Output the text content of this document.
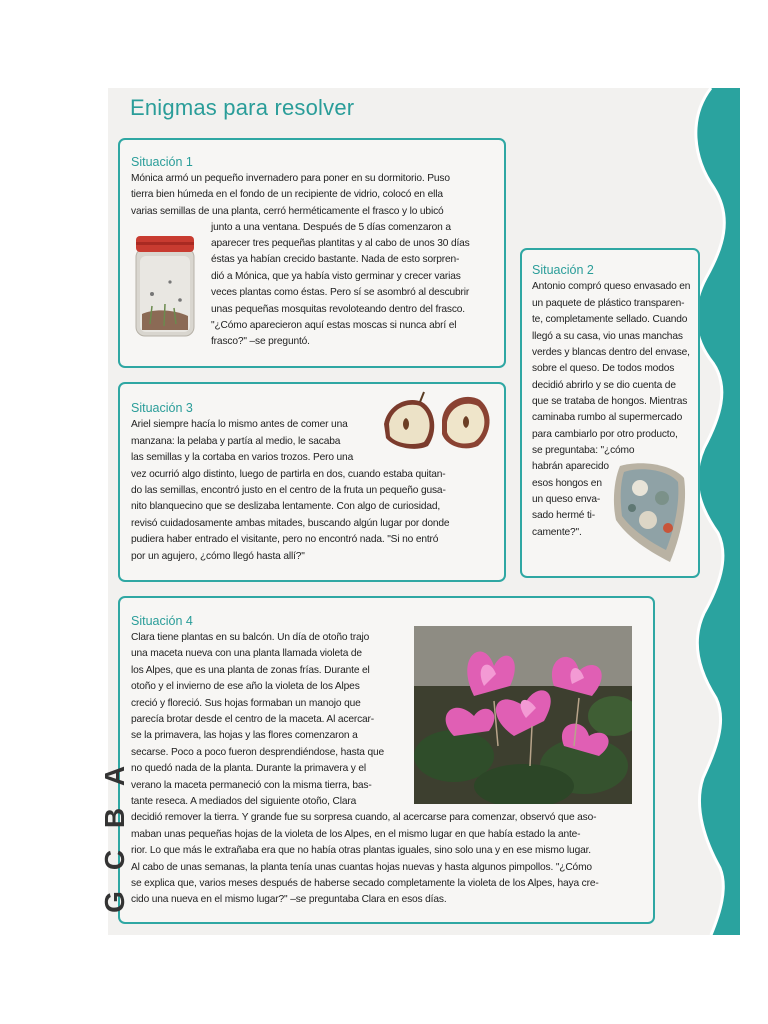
Enigmas para resolver
Situación 1

Mónica armó un pequeño invernadero para poner en su dormitorio. Puso

tierra bien húmeda en el fondo de un recipiente de vidrio, colocó en ella

varias semillas de una planta, cerró herméticamente el frasco y lo ubicó

junto a una ventana. Después de 5 días comenzaron a

aparecer tres pequeñas plantitas y al cabo de unos 30 días

éstas ya habían crecido bastante. Nada de esto sorpren-

dió a Mónica, que ya había visto germinar y crecer varias

veces plantas como éstas. Pero sí se asombró al descubrir

unas pequeñas mosquitas revoloteando dentro del frasco.

"¿Cómo aparecieron aquí estas moscas si nunca abrí el

frasco?" –se preguntó.

Situación 2

Antonio compró queso envasado en

un paquete de plástico transparen-

te, completamente sellado. Cuando

llegó a su casa, vio unas manchas

verdes y blancas dentro del envase,

sobre el queso. De todos modos

decidió abrirlo y se dio cuenta de

que se trataba de hongos. Mientras

caminaba rumbo al supermercado

para cambiarlo por otro producto,

se preguntaba: "¿cómo

habrán aparecido

esos hongos en

un queso enva-

sado hermé ti-

camente?".

Situación 3

Ariel siempre hacía lo mismo antes de comer una

manzana: la pelaba y partía al medio, le sacaba

las semillas y la cortaba en varios trozos. Pero una

vez ocurrió algo distinto, luego de partirla en dos, cuando estaba quitan-

do las semillas, encontró justo en el centro de la fruta un pequeño gusa-

nito blanquecino que se deslizaba lentamente. Con algo de curiosidad,

revisó cuidadosamente ambas mitades, buscando algún lugar por donde

pudiera haber entrado el visitante, pero no encontró nada. "Si no entró

por un agujero, ¿cómo llegó hasta allí?"

Situación 4

Clara tiene plantas en su balcón. Un día de otoño trajo

una maceta nueva con una planta llamada violeta de

los Alpes, que es una planta de zonas frías. Durante el

otoño y el invierno de ese año la violeta de los Alpes

creció y floreció. Sus hojas formaban un manojo que

parecía brotar desde el centro de la maceta. Al acercar-

se la primavera, las hojas y las flores comenzaron a

secarse. Poco a poco fueron desprendiéndose, hasta que

no quedó nada de la planta. Durante la primavera y el

verano la maceta permaneció con la misma tierra, bas-

tante reseca. A mediados del siguiente otoño, Clara

decidió remover la tierra. Y grande fue su sorpresa cuando, al acercarse para comenzar, observó que aso-

maban unas pequeñas hojas de la violeta de los Alpes, en el mismo lugar en que había estado la ante-

rior. Lo que más le extrañaba era que no había otras plantas iguales, sino solo una y en ese mismo lugar.

Al cabo de unas semanas, la planta tenía unas cuantas hojas nuevas y hasta algunos pimpollos. "¿Cómo

se explica que, varios meses después de haberse secado completamente la violeta de los Alpes, haya cre-

cido una nueva en el mismo lugar?" –se preguntaba Clara en esos días.

A
B
C
G
